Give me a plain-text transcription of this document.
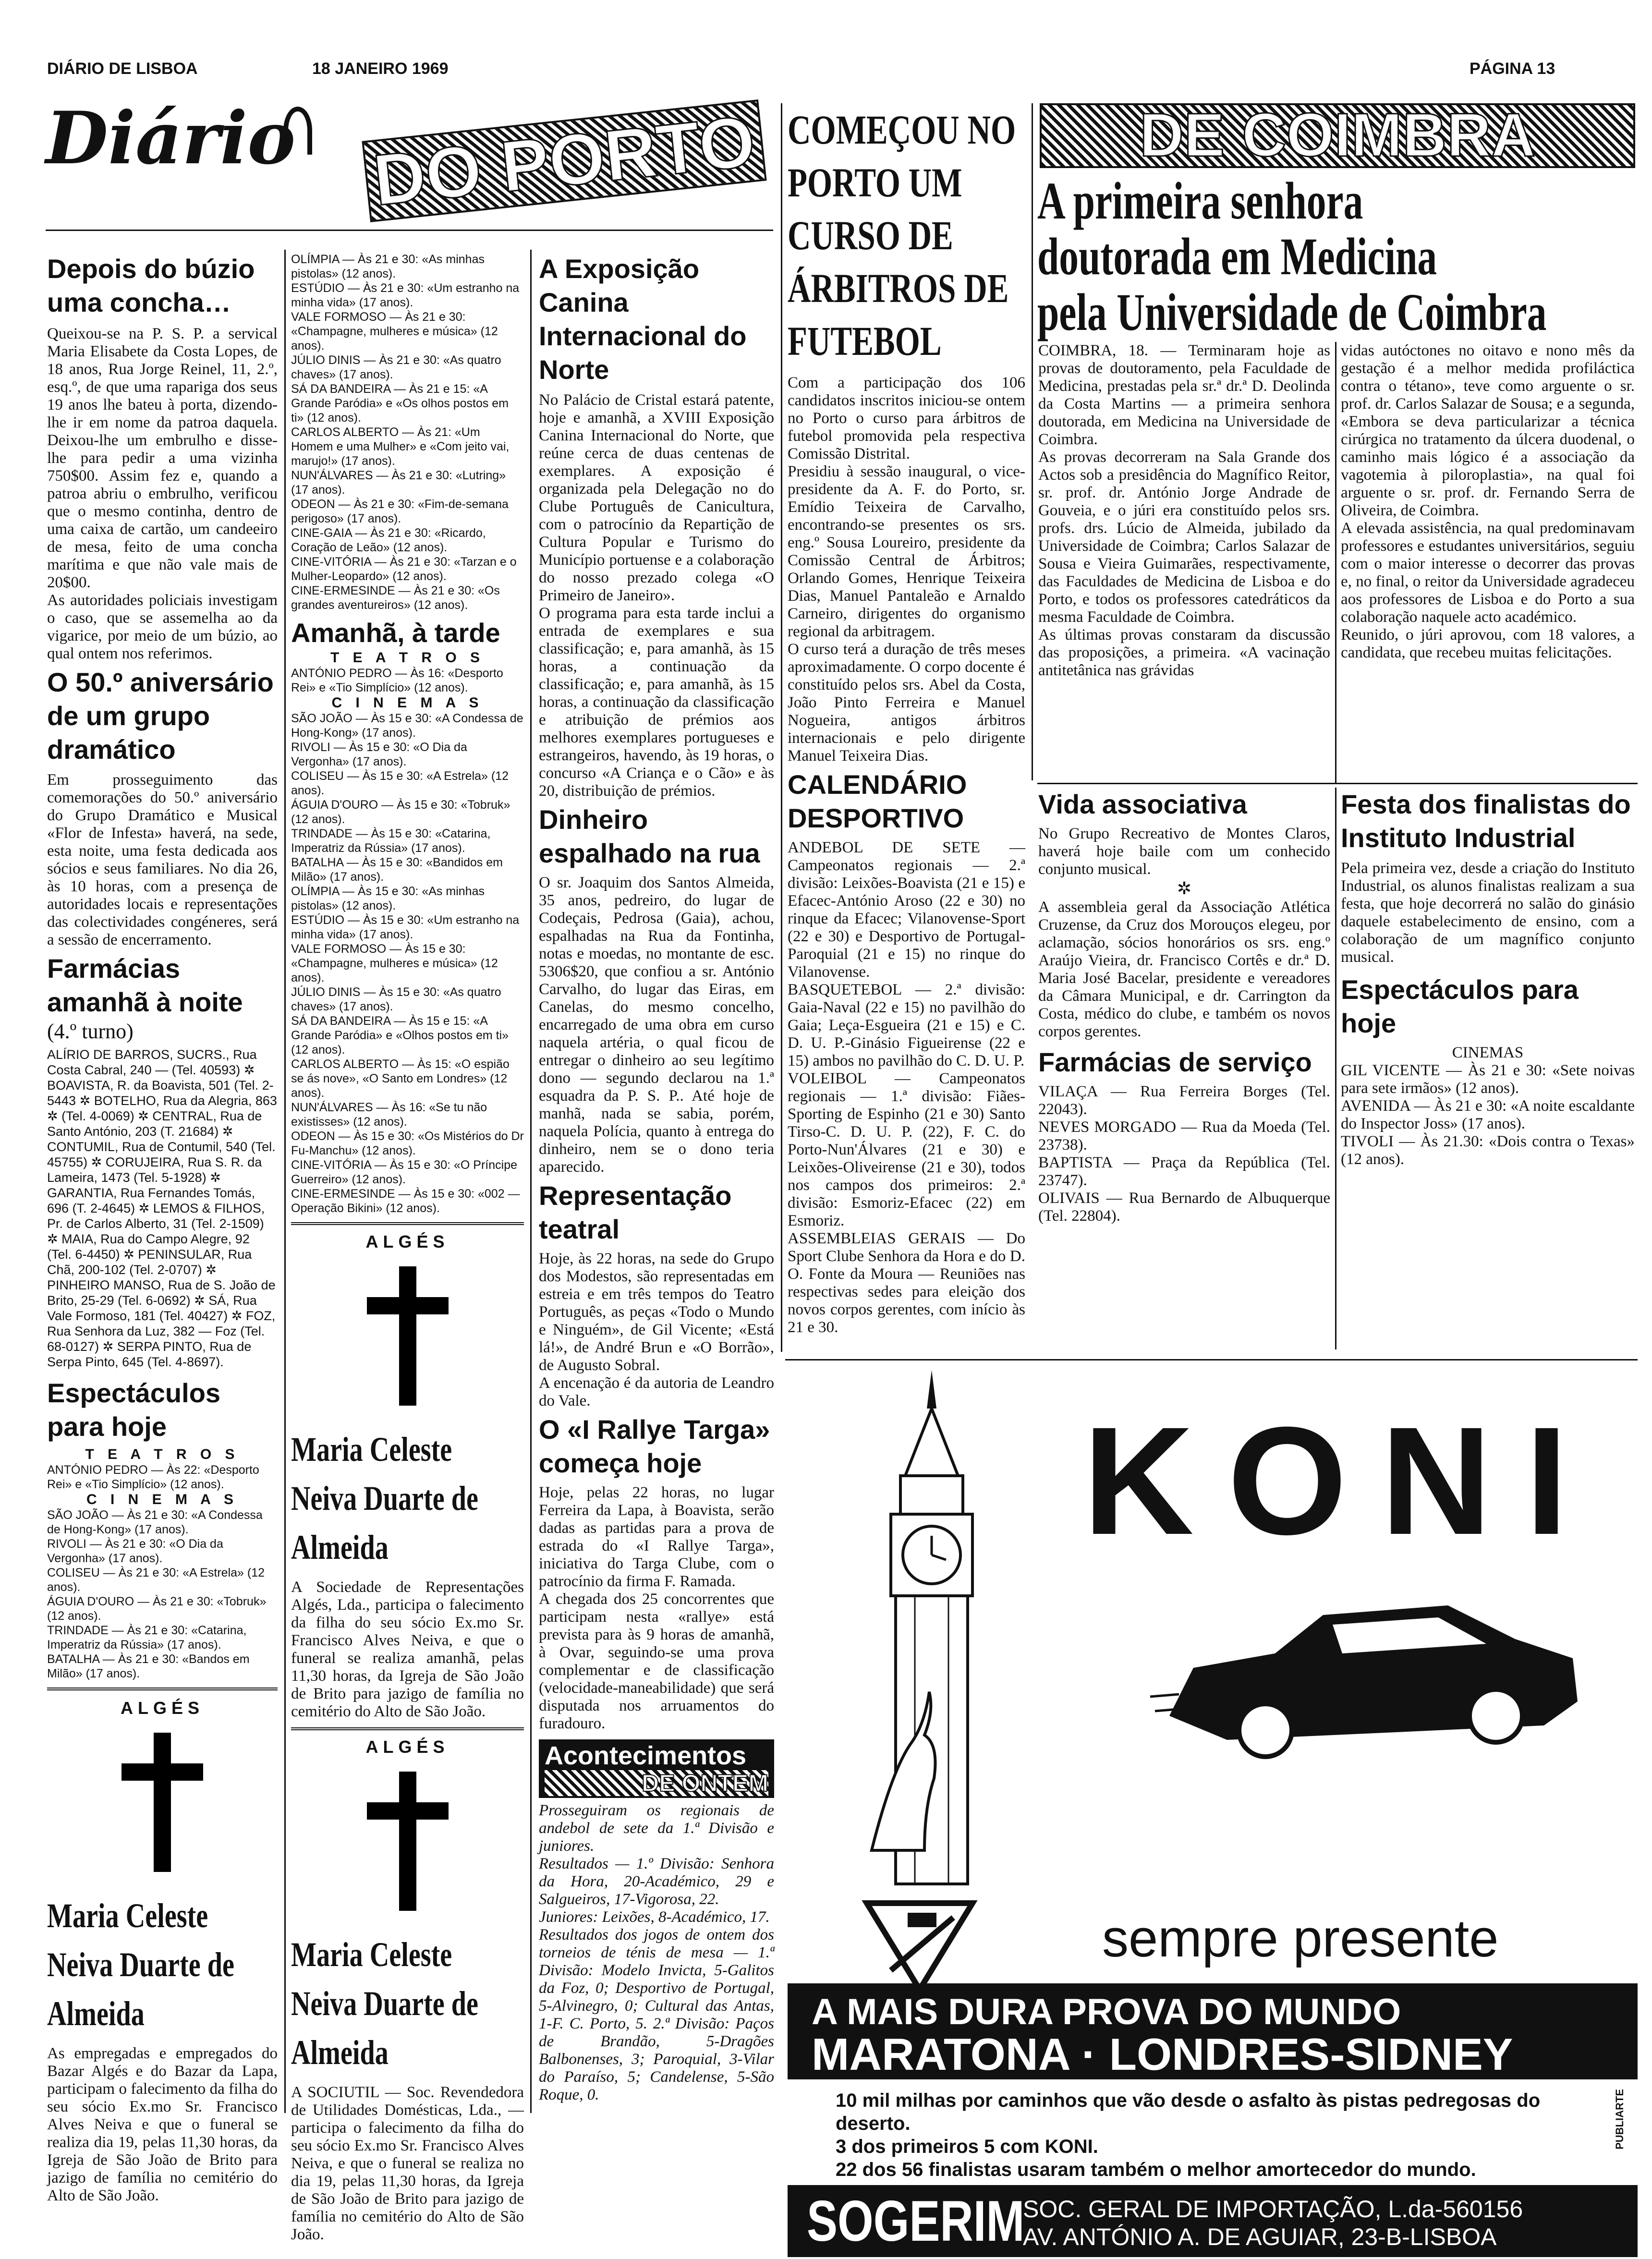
DIÁRIO DE LISBOA	18 JANEIRO 1969	PÁGINA 13
Diário DO PORTO
Depois do búzio uma concha…

Queixou-se na P. S. P. a servical Maria Elisabete da Costa Lopes, de 18 anos, Rua Jorge Reinel, 11, 2.º, esq.º, de que uma rapariga dos seus 19 anos lhe bateu à porta, dizendo-lhe ir em nome da patroa daquela. Deixou-lhe um embrulho e disse-lhe para pedir a uma vizinha 750$00. Assim fez e, quando a patroa abriu o embrulho, verificou que o mesmo continha, dentro de uma caixa de cartão, um candeeiro de mesa, feito de uma concha marítima e que não vale mais de 20$00.

As autoridades policiais investigam o caso, que se assemelha ao da vigarice, por meio de um búzio, ao qual ontem nos referimos.

O 50.º aniversário de um grupo dramático

Em prosseguimento das comemorações do 50.º aniversário do Grupo Dramático e Musical «Flor de Infesta» haverá, na sede, esta noite, uma festa dedicada aos sócios e seus familiares. No dia 26, às 10 horas, com a presença de autoridades locais e representações das colectividades congéneres, será a sessão de encerramento.

Farmácias amanhã à noite
(4.º turno)

ALÍRIO DE BARROS, SUCRS., Rua Costa Cabral, 240 — (Tel. 40593) ✲ BOAVISTA, R. da Boavista, 501 (Tel. 2-5443 ✲ BOTELHO, Rua da Alegria, 863 ✲ (Tel. 4-0069) ✲ CENTRAL, Rua de Santo António, 203 (T. 21684) ✲ CONTUMIL, Rua de Contumil, 540 (Tel. 45755) ✲ CORUJEIRA, Rua S. R. da Lameira, 1473 (Tel. 5-1928) ✲ GARANTIA, Rua Fernandes Tomás, 696 (T. 2-4645) ✲ LEMOS & FILHOS, Pr. de Carlos Alberto, 31 (Tel. 2-1509) ✲ MAIA, Rua do Campo Alegre, 92 (Tel. 6-4450) ✲ PENINSULAR, Rua Chã, 200-102 (Tel. 2-0707) ✲ PINHEIRO MANSO, Rua de S. João de Brito, 25-29 (Tel. 6-0692) ✲ SÁ, Rua Vale Formoso, 181 (Tel. 40427) ✲ FOZ, Rua Senhora da Luz, 382 — Foz (Tel. 68-0127) ✲ SERPA PINTO, Rua de Serpa Pinto, 645 (Tel. 4-8697).

Espectáculos para hoje
T E A T R O S

ANTÓNIO PEDRO — Às 22: «Desporto Rei» e «Tio Simplício» (12 anos).

C I N E M A S

SÃO JOÃO — Às 21 e 30: «A Condessa de Hong-Kong» (17 anos).

RIVOLI — Às 21 e 30: «O Dia da Vergonha» (17 anos).

COLISEU — Às 21 e 30: «A Estrela» (12 anos).

ÁGUIA D'OURO — Às 21 e 30: «Tobruk» (12 anos).

TRINDADE — Às 21 e 30: «Catarina, Imperatriz da Rússia» (17 anos).

BATALHA — Às 21 e 30: «Bandos em Milão» (17 anos).

ALGÉS
Maria Celeste Neiva Duarte de Almeida

As empregadas e empregados do Bazar Algés e do Bazar da Lapa, participam o falecimento da filha do seu sócio Ex.mo Sr. Francisco Alves Neiva e que o funeral se realiza dia 19, pelas 11,30 horas, da Igreja de São João de Brito para jazigo de família no cemitério do Alto de São João.

OLÍMPIA — Às 21 e 30: «As minhas pistolas» (12 anos).

ESTÚDIO — Às 21 e 30: «Um estranho na minha vida» (17 anos).

VALE FORMOSO — Às 21 e 30: «Champagne, mulheres e música» (12 anos).

JÚLIO DINIS — Às 21 e 30: «As quatro chaves» (17 anos).

SÁ DA BANDEIRA — Às 21 e 15: «A Grande Paródia» e «Os olhos postos em ti» (12 anos).

CARLOS ALBERTO — Às 21: «Um Homem e uma Mulher» e «Com jeito vai, marujo!» (17 anos).

NUN'ÁLVARES — Às 21 e 30: «Lutring» (17 anos).

ODEON — Às 21 e 30: «Fim-de-semana perigoso» (17 anos).

CINE-GAIA — Às 21 e 30: «Ricardo, Coração de Leão» (12 anos).

CINE-VITÓRIA — Às 21 e 30: «Tarzan e o Mulher-Leopardo» (12 anos).

CINE-ERMESINDE — Às 21 e 30: «Os grandes aventureiros» (12 anos).

Amanhã, à tarde
T E A T R O S

ANTÓNIO PEDRO — Às 16: «Desporto Rei» e «Tio Simplício» (12 anos).

C I N E M A S

SÃO JOÃO — Às 15 e 30: «A Condessa de Hong-Kong» (17 anos).

RIVOLI — Às 15 e 30: «O Dia da Vergonha» (17 anos).

COLISEU — Às 15 e 30: «A Estrela» (12 anos).

ÁGUIA D'OURO — Às 15 e 30: «Tobruk» (12 anos).

TRINDADE — Às 15 e 30: «Catarina, Imperatriz da Rússia» (17 anos).

BATALHA — Às 15 e 30: «Bandidos em Milão» (17 anos).

OLÍMPIA — Às 15 e 30: «As minhas pistolas» (12 anos).

ESTÚDIO — Às 15 e 30: «Um estranho na minha vida» (17 anos).

VALE FORMOSO — Às 15 e 30: «Champagne, mulheres e música» (12 anos).

JÚLIO DINIS — Às 15 e 30: «As quatro chaves» (17 anos).

SÁ DA BANDEIRA — Às 15 e 15: «A Grande Paródia» e «Olhos postos em ti» (12 anos).

CARLOS ALBERTO — Às 15: «O espião se ás nove», «O Santo em Londres» (12 anos).

NUN'ÁLVARES — Às 16: «Se tu não existisses» (12 anos).

ODEON — Às 15 e 30: «Os Mistérios do Dr Fu-Manchu» (12 anos).

CINE-VITÓRIA — Às 15 e 30: «O Príncipe Guerreiro» (12 anos).

CINE-ERMESINDE — Às 15 e 30: «002 — Operação Bikini» (12 anos).

ALGÉS
Maria Celeste Neiva Duarte de Almeida

A Sociedade de Representações Algés, Lda., participa o falecimento da filha do seu sócio Ex.mo Sr. Francisco Alves Neiva, e que o funeral se realiza amanhã, pelas 11,30 horas, da Igreja de São João de Brito para jazigo de família no cemitério do Alto de São João.

ALGÉS
Maria Celeste Neiva Duarte de Almeida

A SOCIUTIL — Soc. Revendedora de Utilidades Domésticas, Lda., — participa o falecimento da filha do seu sócio Ex.mo Sr. Francisco Alves Neiva, e que o funeral se realiza no dia 19, pelas 11,30 horas, da Igreja de São João de Brito para jazigo de família no cemitério do Alto de São João.

A Exposição Canina Internacional do Norte

No Palácio de Cristal estará patente, hoje e amanhã, a XVIII Exposição Canina Internacional do Norte, que reúne cerca de duas centenas de exemplares. A exposição é organizada pela Delegação no do Clube Português de Canicultura, com o patrocínio da Repartição de Cultura Popular e Turismo do Município portuense e a colaboração do nosso prezado colega «O Primeiro de Janeiro».

O programa para esta tarde inclui a entrada de exemplares e sua classificação; e, para amanhã, às 15 horas, a continuação da classificação; e, para amanhã, às 15 horas, a continuação da classificação e atribuição de prémios aos melhores exemplares portugueses e estrangeiros, havendo, às 19 horas, o concurso «A Criança e o Cão» e às 20, distribuição de prémios.

Dinheiro espalhado na rua

O sr. Joaquim dos Santos Almeida, 35 anos, pedreiro, do lugar de Codeçais, Pedrosa (Gaia), achou, espalhadas na Rua da Fontinha, notas e moedas, no montante de esc. 5306$20, que confiou a sr. António Carvalho, do lugar das Eiras, em Canelas, do mesmo concelho, encarregado de uma obra em curso naquela artéria, o qual ficou de entregar o dinheiro ao seu legítimo dono — segundo declarou na 1.ª esquadra da P. S. P.. Até hoje de manhã, nada se sabia, porém, naquela Polícia, quanto à entrega do dinheiro, nem se o dono teria aparecido.

Representação teatral

Hoje, às 22 horas, na sede do Grupo dos Modestos, são representadas em estreia e em três tempos do Teatro Português, as peças «Todo o Mundo e Ninguém», de Gil Vicente; «Está lá!», de André Brun e «O Borrão», de Augusto Sobral.

A encenação é da autoria de Leandro do Vale.

O «I Rallye Targa» começa hoje

Hoje, pelas 22 horas, no lugar Ferreira da Lapa, à Boavista, serão dadas as partidas para a prova de estrada do «I Rallye Targa», iniciativa do Targa Clube, com o patrocínio da firma F. Ramada.

A chegada dos 25 concorrentes que participam nesta «rallye» está prevista para às 9 horas de amanhã, à Ovar, seguindo-se uma prova complementar e de classificação (velocidade-maneabilidade) que será disputada nos arruamentos do furadouro.

Acontecimentos
DE ONTEM

Prosseguiram os regionais de andebol de sete da 1.ª Divisão e juniores.

Resultados — 1.º Divisão: Senhora da Hora, 20-Académico, 29 e Salgueiros, 17-Vigorosa, 22.

Juniores: Leixões, 8-Académico, 17.

Resultados dos jogos de ontem dos torneios de ténis de mesa — 1.ª Divisão: Modelo Invicta, 5-Galitos da Foz, 0; Desportivo de Portugal, 5-Alvinegro, 0; Cultural das Antas, 1-F. C. Porto, 5. 2.ª Divisão: Paços de Brandão, 5-Dragões Balbonenses, 3; Paroquial, 3-Vilar do Paraíso, 5; Candelense, 5-São Roque, 0.

COMEÇOU NO PORTO UM CURSO DE ÁRBITROS DE FUTEBOL

Com a participação dos 106 candidatos inscritos iniciou-se ontem no Porto o curso para árbitros de futebol promovida pela respectiva Comissão Distrital.

Presidiu à sessão inaugural, o vice-presidente da A. F. do Porto, sr. Emídio Teixeira de Carvalho, encontrando-se presentes os srs. eng.º Sousa Loureiro, presidente da Comissão Central de Árbitros; Orlando Gomes, Henrique Teixeira Dias, Manuel Pantaleão e Arnaldo Carneiro, dirigentes do organismo regional da arbitragem.

O curso terá a duração de três meses aproximadamente. O corpo docente é constituído pelos srs. Abel da Costa, João Pinto Ferreira e Manuel Nogueira, antigos árbitros internacionais e pelo dirigente Manuel Teixeira Dias.

CALENDÁRIO DESPORTIVO

ANDEBOL DE SETE — Campeonatos regionais — 2.ª divisão: Leixões-Boavista (21 e 15) e Efacec-António Aroso (22 e 30) no rinque da Efacec; Vilanovense-Sport (22 e 30) e Desportivo de Portugal-Paroquial (21 e 15) no rinque do Vilanovense.

BASQUETEBOL — 2.ª divisão: Gaia-Naval (22 e 15) no pavilhão do Gaia; Leça-Esgueira (21 e 15) e C. D. U. P.-Ginásio Figueirense (22 e 15) ambos no pavilhão do C. D. U. P.

VOLEIBOL — Campeonatos regionais — 1.ª divisão: Fiães-Sporting de Espinho (21 e 30) Santo Tirso-C. D. U. P. (22), F. C. do Porto-Nun'Álvares (21 e 30) e Leixões-Oliveirense (21 e 30), todos nos campos dos primeiros: 2.ª divisão: Esmoriz-Efacec (22) em Esmoriz.

ASSEMBLEIAS GERAIS — Do Sport Clube Senhora da Hora e do D. O. Fonte da Moura — Reuniões nas respectivas sedes para eleição dos novos corpos gerentes, com início às 21 e 30.

DE COIMBRA
A primeira senhora
doutorada em Medicina
pela Universidade de Coimbra

COIMBRA, 18. — Terminaram hoje as provas de doutoramento, pela Faculdade de Medicina, prestadas pela sr.ª dr.ª D. Deolinda da Costa Martins — a primeira senhora doutorada, em Medicina na Universidade de Coimbra.

As provas decorreram na Sala Grande dos Actos sob a presidência do Magnífico Reitor, sr. prof. dr. António Jorge Andrade de Gouveia, e o júri era constituído pelos srs. profs. drs. Lúcio de Almeida, jubilado da Universidade de Coimbra; Carlos Salazar de Sousa e Vieira Guimarães, respectivamente, das Faculdades de Medicina de Lisboa e do Porto, e todos os professores catedráticos da mesma Faculdade de Coimbra.

As últimas provas constaram da discussão das proposições, a primeira. «A vacinação antitetânica nas grávidas

vidas autóctones no oitavo e nono mês da gestação é a melhor medida profiláctica contra o tétano», teve como arguente o sr. prof. dr. Carlos Salazar de Sousa; e a segunda, «Embora se deva particularizar a técnica cirúrgica no tratamento da úlcera duodenal, o caminho mais lógico é a associação da vagotemia à piloroplastia», na qual foi arguente o sr. prof. dr. Fernando Serra de Oliveira, de Coimbra.

A elevada assistência, na qual predominavam professores e estudantes universitários, seguiu com o maior interesse o decorrer das provas e, no final, o reitor da Universidade agradeceu aos professores de Lisboa e do Porto a sua colaboração naquele acto académico.

Reunido, o júri aprovou, com 18 valores, a candidata, que recebeu muitas felicitações.

Vida associativa

No Grupo Recreativo de Montes Claros, haverá hoje baile com um conhecido conjunto musical.

✲

A assembleia geral da Associação Atlética Cruzense, da Cruz dos Morouços elegeu, por aclamação, sócios honorários os srs. eng.º Araújo Vieira, dr. Francisco Cortês e dr.ª D. Maria José Bacelar, presidente e vereadores da Câmara Municipal, e dr. Carrington da Costa, médico do clube, e também os novos corpos gerentes.

Farmácias de serviço

VILAÇA — Rua Ferreira Borges (Tel. 22043).

NEVES MORGADO — Rua da Moeda (Tel. 23738).

BAPTISTA — Praça da República (Tel. 23747).

OLIVAIS — Rua Bernardo de Albuquerque (Tel. 22804).

Festa dos finalistas do Instituto Industrial

Pela primeira vez, desde a criação do Instituto Industrial, os alunos finalistas realizam a sua festa, que hoje decorrerá no salão do ginásio daquele estabelecimento de ensino, com a colaboração de um magnífico conjunto musical.

Espectáculos para hoje
CINEMAS

GIL VICENTE — Às 21 e 30: «Sete noivas para sete irmãos» (12 anos).

AVENIDA — Às 21 e 30: «A noite escaldante do Inspector Joss» (17 anos).

TIVOLI — Às 21.30: «Dois contra o Texas» (12 anos).

KONI
sempre presente
A MAIS DURA PROVA DO MUNDO
MARATONA · LONDRES-SIDNEY

10 mil milhas por caminhos que vão desde o asfalto às pistas pedregosas do deserto.

3 dos primeiros 5 com KONI.

22 dos 56 finalistas usaram também o melhor amortecedor do mundo.

PUBLIARTE
SOGERIM
SOC. GERAL DE IMPORTAÇÃO, L.da-560156
AV. ANTÓNIO A. DE AGUIAR, 23-B-LISBOA
